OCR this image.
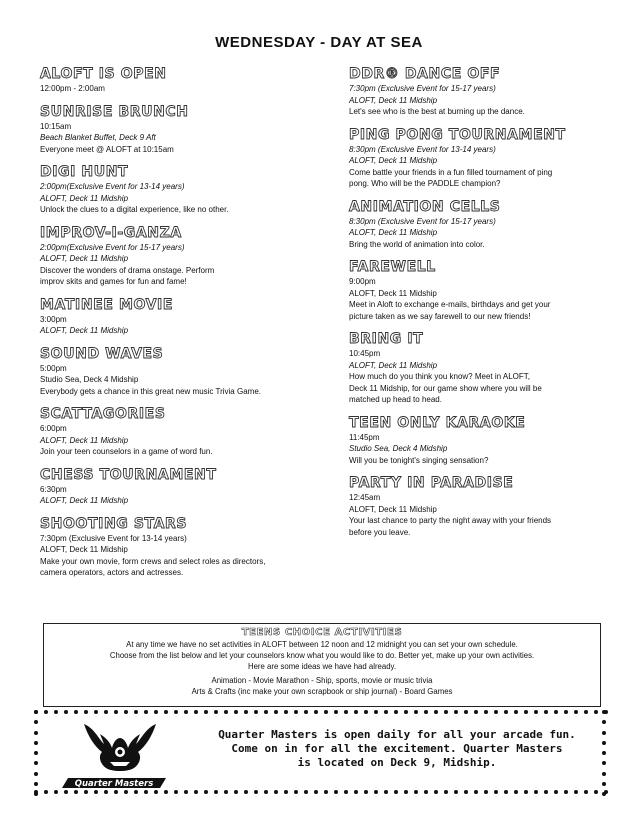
WEDNESDAY - DAY AT SEA
ALOFT IS OPEN
12:00pm - 2:00am
SUNRISE BRUNCH
10:15am
Beach Blanket Buffet, Deck 9 Aft
Everyone meet @ ALOFT at 10:15am
DIGI HUNT
2:00pm(Exclusive Event for 13-14 years)
ALOFT, Deck 11 Midship
Unlock the clues to a digital experience, like no other.
IMPROV-I-GANZA
2:00pm(Exclusive Event for 15-17 years)
ALOFT, Deck 11 Midship
Discover the wonders of drama onstage. Perform
improv skits and games for fun and fame!
MATINEE MOVIE
3:00pm
ALOFT, Deck 11 Midship
SOUND WAVES
5:00pm
Studio Sea, Deck 4 Midship
Everybody gets a chance in this great new music Trivia Game.
SCATTAGORIES
6:00pm
ALOFT, Deck 11 Midship
Join your teen counselors in a game of word fun.
CHESS TOURNAMENT
6:30pm
ALOFT, Deck 11 Midship
SHOOTING STARS
7:30pm (Exclusive Event for 13-14 years)
ALOFT, Deck 11 Midship
Make your own movie, form crews and select roles as directors,
camera operators, actors and actresses.
DDR® DANCE OFF
7:30pm (Exclusive Event for 15-17 years)
ALOFT, Deck 11 Midship
Let's see who is the best at burning up the dance.
PING PONG TOURNAMENT
8:30pm (Exclusive Event for 13-14 years)
ALOFT, Deck 11 Midship
Come battle your friends in a fun filled tournament of ping
pong. Who will be the PADDLE champion?
ANIMATION CELLS
8:30pm (Exclusive Event for 15-17 years)
ALOFT, Deck 11 Midship
Bring the world of animation into color.
FAREWELL
9:00pm
ALOFT, Deck 11 Midship
Meet in Aloft to exchange e-mails, birthdays and get your
picture taken as we say farewell to our new friends!
BRING IT
10:45pm
ALOFT, Deck 11 Midship
How much do you think you know? Meet in ALOFT,
Deck 11 Midship, for our game show where you will be
matched up head to head.
TEEN ONLY KARAOKE
11:45pm
Studio Sea, Deck 4 Midship
Will you be tonight's singing sensation?
PARTY IN PARADISE
12:45am
ALOFT, Deck 11 Midship
Your last chance to party the night away with your friends
before you leave.
TEENS CHOICE ACTIVITIES
At any time we have no set activities in ALOFT between 12 noon and 12 midnight you can set your own schedule.
Choose from the list below and let your counselors know what you would like to do. Better yet, make up your own activities.
Here are some ideas we have had already.
Animation - Movie Marathon - Ship, sports, movie or music trivia
Arts & Crafts (inc make your own scrapbook or ship journal) - Board Games
Quarter Masters
Quarter Masters is open daily for all your arcade fun.
Come on in for all the excitement. Quarter Masters
is located on Deck 9, Midship.
